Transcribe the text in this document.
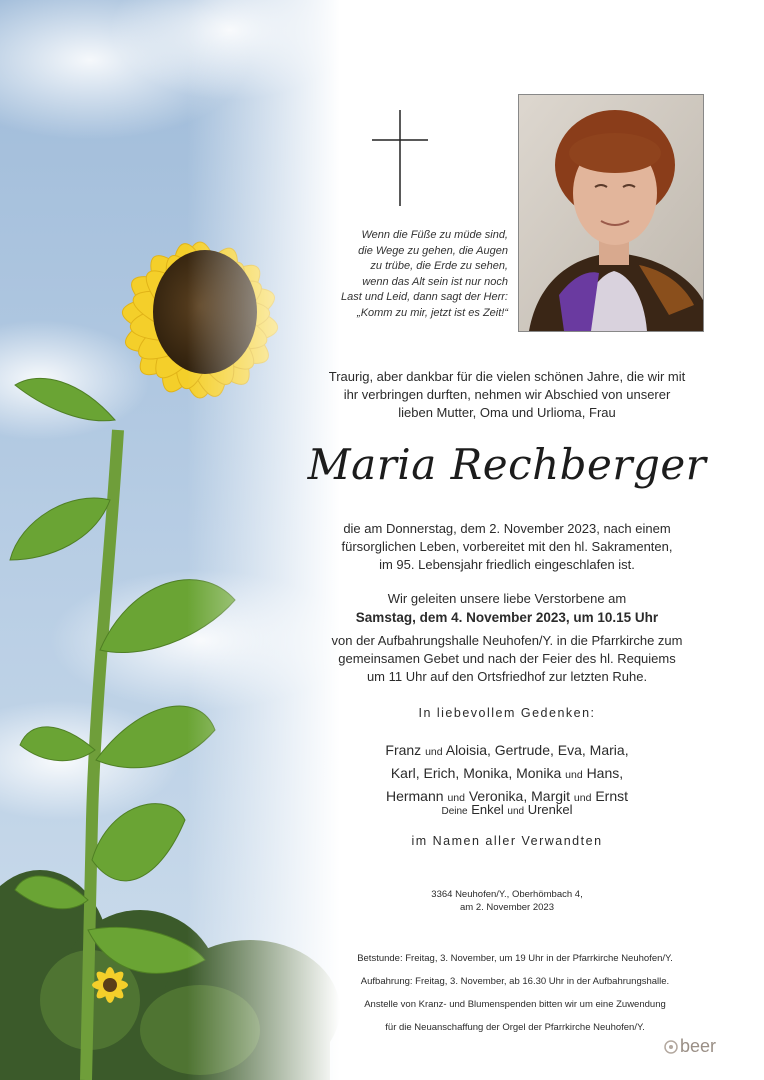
Wenn die Füße zu müde sind,
die Wege zu gehen, die Augen
zu trübe, die Erde zu sehen,
wenn das Alt sein ist nur noch
Last und Leid, dann sagt der Herr:
„Komm zu mir, jetzt ist es Zeit!“
Traurig, aber dankbar für die vielen schönen Jahre, die wir mit
ihr verbringen durften, nehmen wir Abschied von unserer
lieben Mutter, Oma und Urlioma, Frau
Maria Rechberger
die am Donnerstag, dem 2. November 2023, nach einem
fürsorglichen Leben, vorbereitet mit den hl. Sakramenten,
im 95. Lebensjahr friedlich eingeschlafen ist.
Wir geleiten unsere liebe Verstorbene am
Samstag, dem 4. November 2023, um 10.15 Uhr
von der Aufbahrungshalle Neuhofen/Y. in die Pfarrkirche zum
gemeinsamen Gebet und nach der Feier des hl. Requiems
um 11 Uhr auf den Ortsfriedhof zur letzten Ruhe.
In liebevollem Gedenken:
Franz und Aloisia, Gertrude, Eva, Maria,
Karl, Erich, Monika, Monika und Hans,
Hermann und Veronika, Margit und Ernst
Deine Enkel und Urenkel
im Namen aller Verwandten
3364 Neuhofen/Y., Oberhömbach 4,
am 2. November 2023
Betstunde: Freitag, 3. November, um 19 Uhr in der Pfarrkirche Neuhofen/Y.
Aufbahrung: Freitag, 3. November, ab 16.30 Uhr in der Aufbahrungshalle.
Anstelle von Kranz- und Blumenspenden bitten wir um eine Zuwendung
für die Neuanschaffung der Orgel der Pfarrkirche Neuhofen/Y.
beer
